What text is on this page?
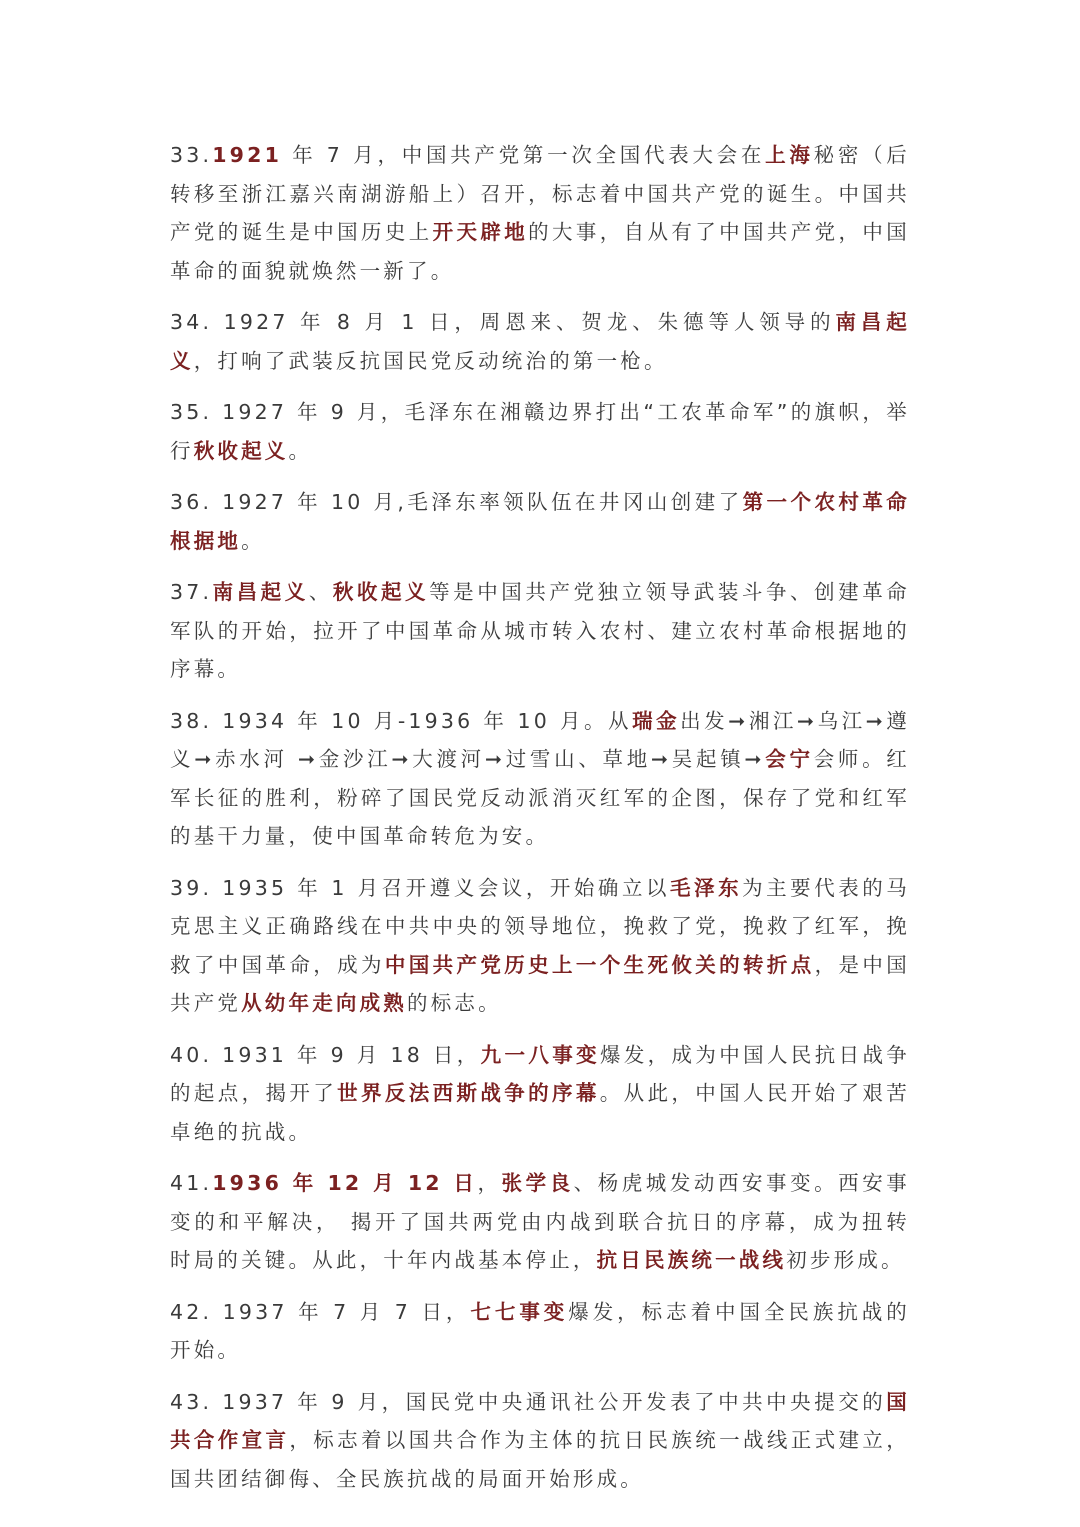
33.1921 年 7 月，中国共产党第一次全国代表大会在上海秘密（后转移至浙江嘉兴南湖游船上）召开，标志着中国共产党的诞生。中国共产党的诞生是中国历史上开天辟地的大事，自从有了中国共产党，中国革命的面貌就焕然一新了。

34. 1927 年 8 月 1 日，周恩来、贺龙、朱德等人领导的南昌起义，打响了武装反抗国民党反动统治的第一枪。

35. 1927 年 9 月，毛泽东在湘赣边界打出“工农革命军”的旗帜，举行秋收起义。

36. 1927 年 10 月,毛泽东率领队伍在井冈山创建了第一个农村革命根据地。

37.南昌起义、秋收起义等是中国共产党独立领导武装斗争、创建革命军队的开始，拉开了中国革命从城市转入农村、建立农村革命根据地的序幕。

38. 1934 年 10 月-1936 年 10 月。从瑞金出发➞湘江➞乌江➞遵义➞赤水河 ➞金沙江➞大渡河➞过雪山、草地➞吴起镇➞会宁会师。红军长征的胜利，粉碎了国民党反动派消灭红军的企图，保存了党和红军的基干力量，使中国革命转危为安。

39. 1935 年 1 月召开遵义会议，开始确立以毛泽东为主要代表的马克思主义正确路线在中共中央的领导地位，挽救了党，挽救了红军，挽救了中国革命，成为中国共产党历史上一个生死攸关的转折点，是中国共产党从幼年走向成熟的标志。

40. 1931 年 9 月 18 日，九一八事变爆发，成为中国人民抗日战争的起点，揭开了世界反法西斯战争的序幕。从此，中国人民开始了艰苦卓绝的抗战。

41.1936 年 12 月 12 日，张学良、杨虎城发动西安事变。西安事变的和平解决， 揭开了国共两党由内战到联合抗日的序幕，成为扭转时局的关键。从此，十年内战基本停止，抗日民族统一战线初步形成。

42. 1937 年 7 月 7 日，七七事变爆发，标志着中国全民族抗战的开始。

43. 1937 年 9 月，国民党中央通讯社公开发表了中共中央提交的国共合作宣言，标志着以国共合作为主体的抗日民族统一战线正式建立，国共团结御侮、全民族抗战的局面开始形成。
